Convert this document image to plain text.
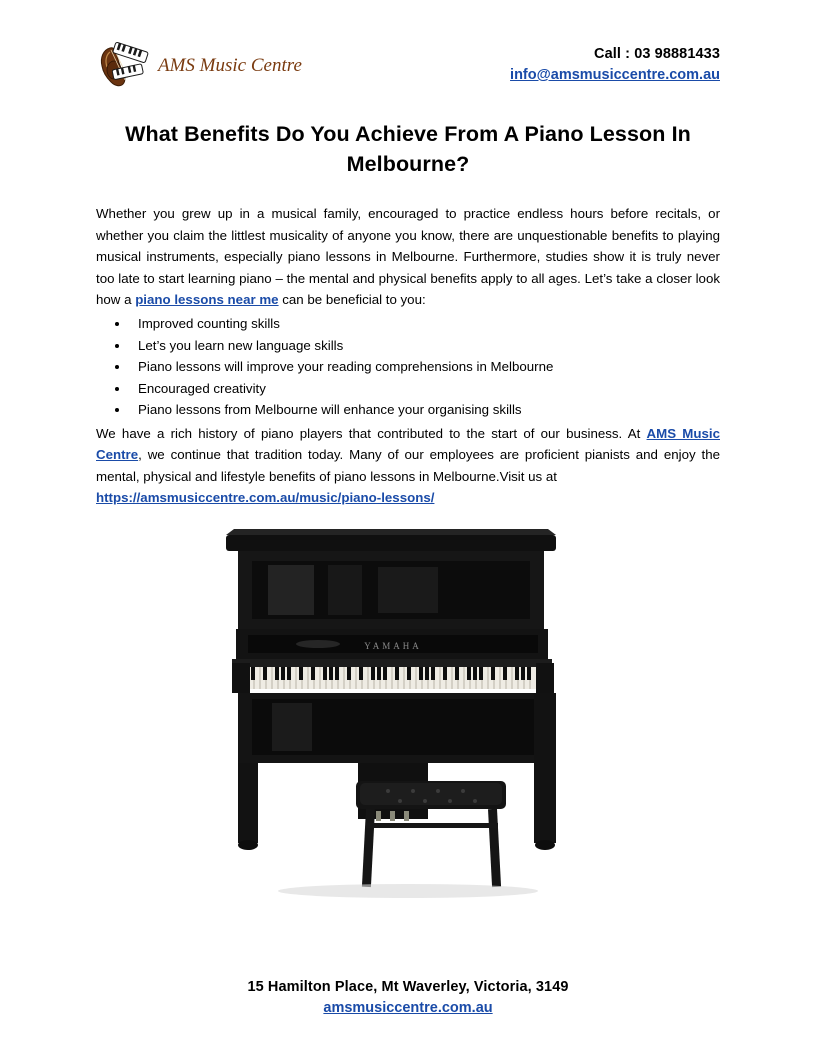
AMS Music Centre
Call : 03 98881433
info@amsmusiccentre.com.au
What Benefits Do You Achieve From A Piano Lesson In Melbourne?

Whether you grew up in a musical family, encouraged to practice endless hours before recitals, or whether you claim the littlest musicality of anyone you know, there are unquestionable benefits to playing musical instruments, especially piano lessons in Melbourne. Furthermore, studies show it is truly never too late to start learning piano – the mental and physical benefits apply to all ages. Let’s take a closer look how a piano lessons near me can be beneficial to you:

• Improved counting skills
• Let’s you learn new language skills
• Piano lessons will improve your reading comprehensions in Melbourne
• Encouraged creativity
• Piano lessons from Melbourne will enhance your organising skills
We have a rich history of piano players that contributed to the start of our business. At AMS Music Centre, we continue that tradition today. Many of our employees are proficient pianists and enjoy the mental, physical and lifestyle benefits of piano lessons in Melbourne.Visit us at
https://amsmusiccentre.com.au/music/piano-lessons/
YAMAHA
15 Hamilton Place, Mt Waverley, Victoria, 3149
amsmusiccentre.com.au
